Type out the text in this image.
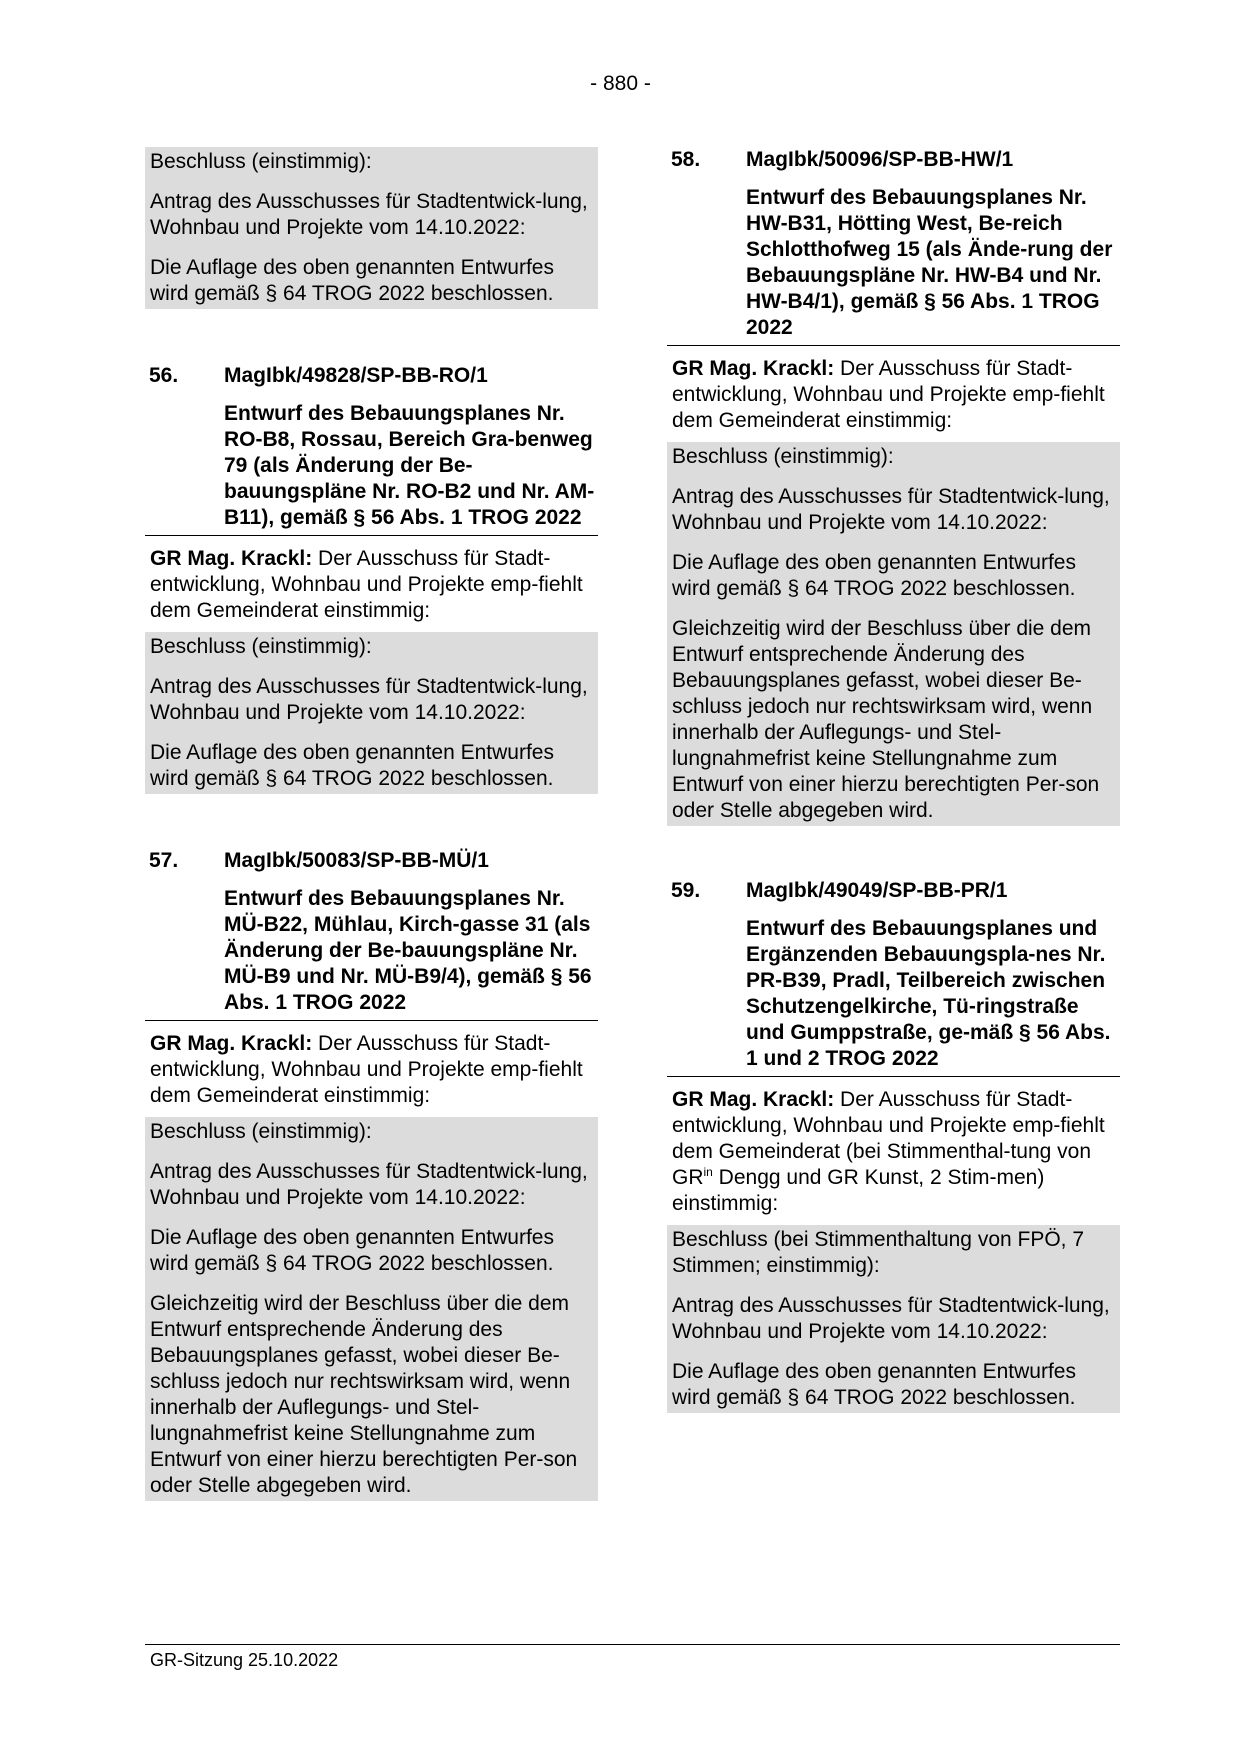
- 880 -

Beschluss (einstimmig):

Antrag des Ausschusses für Stadtentwick-lung, Wohnbau und Projekte vom 14.10.2022:

Die Auflage des oben genannten Entwurfes wird gemäß § 64 TROG 2022 beschlossen.

56.	MagIbk/49828/SP-BB-RO/1
Entwurf des Bebauungsplanes Nr. RO-B8, Rossau, Bereich Gra-benweg 79 (als Änderung der Be-bauungspläne Nr. RO-B2 und Nr. AM-B11), gemäß § 56 Abs. 1 TROG 2022

GR Mag. Krackl: Der Ausschuss für Stadt-entwicklung, Wohnbau und Projekte emp-fiehlt dem Gemeinderat einstimmig:

Beschluss (einstimmig):

Antrag des Ausschusses für Stadtentwick-lung, Wohnbau und Projekte vom 14.10.2022:

Die Auflage des oben genannten Entwurfes wird gemäß § 64 TROG 2022 beschlossen.

57.	MagIbk/50083/SP-BB-MÜ/1
Entwurf des Bebauungsplanes Nr. MÜ-B22, Mühlau, Kirch-gasse 31 (als Änderung der Be-bauungspläne Nr. MÜ-B9 und Nr. MÜ-B9/4), gemäß § 56 Abs. 1 TROG 2022

GR Mag. Krackl: Der Ausschuss für Stadt-entwicklung, Wohnbau und Projekte emp-fiehlt dem Gemeinderat einstimmig:

Beschluss (einstimmig):

Antrag des Ausschusses für Stadtentwick-lung, Wohnbau und Projekte vom 14.10.2022:

Die Auflage des oben genannten Entwurfes wird gemäß § 64 TROG 2022 beschlossen.

Gleichzeitig wird der Beschluss über die dem Entwurf entsprechende Änderung des Bebauungsplanes gefasst, wobei dieser Be-schluss jedoch nur rechtswirksam wird, wenn innerhalb der Auflegungs- und Stel-lungnahmefrist keine Stellungnahme zum Entwurf von einer hierzu berechtigten Per-son oder Stelle abgegeben wird.

58.	MagIbk/50096/SP-BB-HW/1
Entwurf des Bebauungsplanes Nr. HW-B31, Hötting West, Be-reich Schlotthofweg 15 (als Ände-rung der Bebauungspläne Nr. HW-B4 und Nr. HW-B4/1), gemäß § 56 Abs. 1 TROG 2022

GR Mag. Krackl: Der Ausschuss für Stadt-entwicklung, Wohnbau und Projekte emp-fiehlt dem Gemeinderat einstimmig:

Beschluss (einstimmig):

Antrag des Ausschusses für Stadtentwick-lung, Wohnbau und Projekte vom 14.10.2022:

Die Auflage des oben genannten Entwurfes wird gemäß § 64 TROG 2022 beschlossen.

Gleichzeitig wird der Beschluss über die dem Entwurf entsprechende Änderung des Bebauungsplanes gefasst, wobei dieser Be-schluss jedoch nur rechtswirksam wird, wenn innerhalb der Auflegungs- und Stel-lungnahmefrist keine Stellungnahme zum Entwurf von einer hierzu berechtigten Per-son oder Stelle abgegeben wird.

59.	MagIbk/49049/SP-BB-PR/1
Entwurf des Bebauungsplanes und Ergänzenden Bebauungspla-nes Nr. PR-B39, Pradl, Teilbereich zwischen Schutzengelkirche, Tü-ringstraße und Gumppstraße, ge-mäß § 56 Abs. 1 und 2 TROG 2022

GR Mag. Krackl: Der Ausschuss für Stadt-entwicklung, Wohnbau und Projekte emp-fiehlt dem Gemeinderat (bei Stimmenthal-tung von $GR^{in}$ Dengg und GR Kunst, 2 Stim-men) einstimmig:

Beschluss (bei Stimmenthaltung von FPÖ, 7 Stimmen; einstimmig):

Antrag des Ausschusses für Stadtentwick-lung, Wohnbau und Projekte vom 14.10.2022:

Die Auflage des oben genannten Entwurfes wird gemäß § 64 TROG 2022 beschlossen.

GR-Sitzung 25.10.2022
